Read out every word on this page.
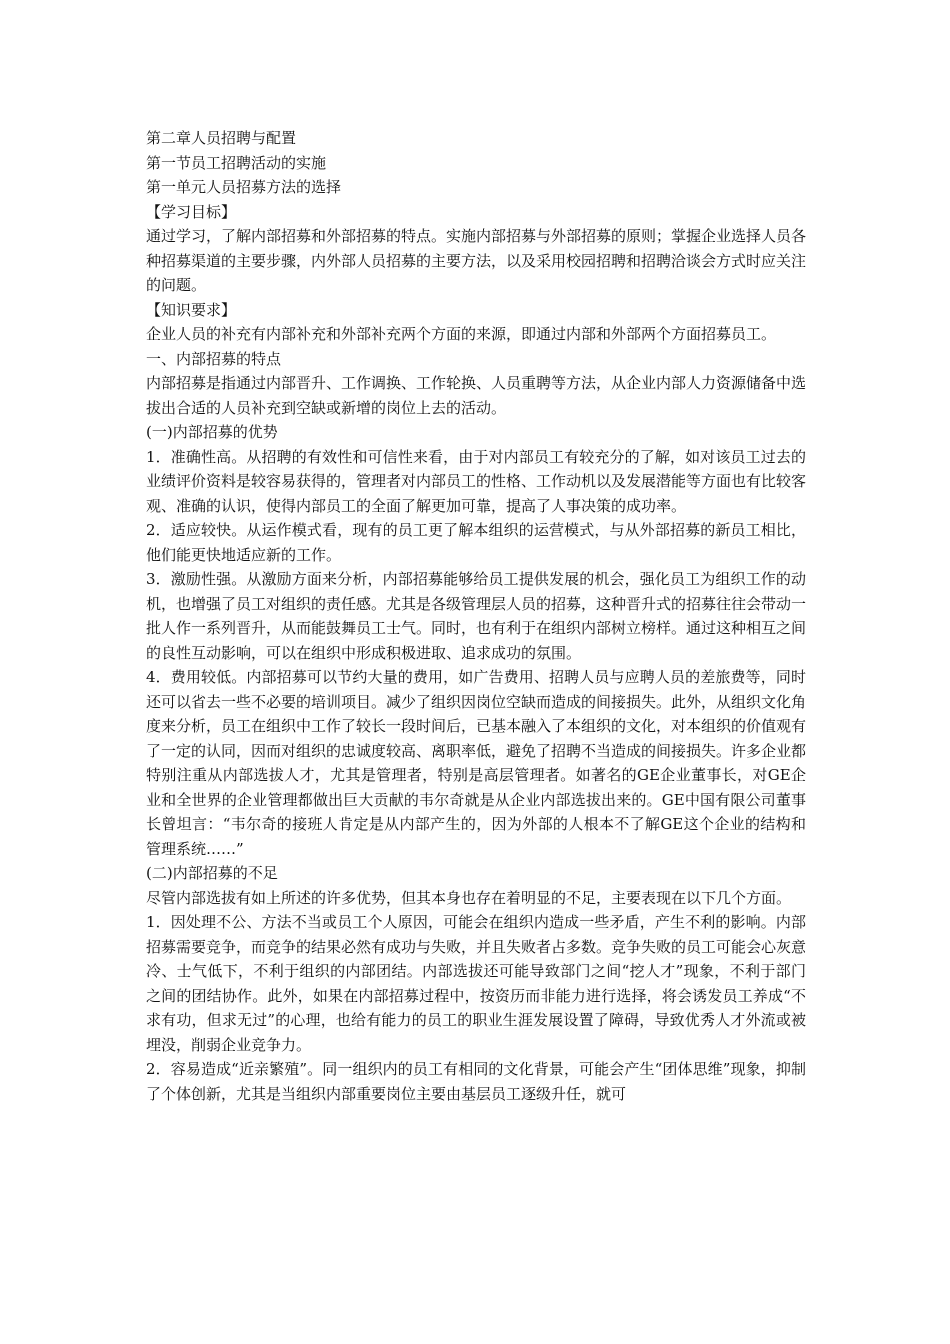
第二章人员招聘与配置

第一节员工招聘活动的实施

第一单元人员招募方法的选择

【学习目标】

通过学习，了解内部招募和外部招募的特点。实施内部招募与外部招募的原则；掌握企业选择人员各种招募渠道的主要步骤，内外部人员招募的主要方法，以及采用校园招聘和招聘洽谈会方式时应关注的问题。

【知识要求】

企业人员的补充有内部补充和外部补充两个方面的来源，即通过内部和外部两个方面招募员工。

一、内部招募的特点

内部招募是指通过内部晋升、工作调换、工作轮换、人员重聘等方法，从企业内部人力资源储备中选拔出合适的人员补充到空缺或新增的岗位上去的活动。

(一)内部招募的优势

1．准确性高。从招聘的有效性和可信性来看，由于对内部员工有较充分的了解，如对该员工过去的业绩评价资料是较容易获得的，管理者对内部员工的性格、工作动机以及发展潜能等方面也有比较客观、准确的认识，使得内部员工的全面了解更加可靠，提高了人事决策的成功率。

2．适应较快。从运作模式看，现有的员工更了解本组织的运营模式，与从外部招募的新员工相比，他们能更快地适应新的工作。

3．激励性强。从激励方面来分析，内部招募能够给员工提供发展的机会，强化员工为组织工作的动机，也增强了员工对组织的责任感。尤其是各级管理层人员的招募，这种晋升式的招募往往会带动一批人作一系列晋升，从而能鼓舞员工士气。同时，也有利于在组织内部树立榜样。通过这种相互之间的良性互动影响，可以在组织中形成积极进取、追求成功的氛围。

4．费用较低。内部招募可以节约大量的费用，如广告费用、招聘人员与应聘人员的差旅费等，同时还可以省去一些不必要的培训项目。减少了组织因岗位空缺而造成的间接损失。此外，从组织文化角度来分析，员工在组织中工作了较长一段时间后，已基本融入了本组织的文化，对本组织的价值观有了一定的认同，因而对组织的忠诚度较高、离职率低，避免了招聘不当造成的间接损失。许多企业都特别注重从内部选拔人才，尤其是管理者，特别是高层管理者。如著名的GE企业董事长，对GE企业和全世界的企业管理都做出巨大贡献的韦尔奇就是从企业内部选拔出来的。GE中国有限公司董事长曾坦言：“韦尔奇的接班人肯定是从内部产生的，因为外部的人根本不了解GE这个企业的结构和管理系统……”

(二)内部招募的不足

尽管内部选拔有如上所述的许多优势，但其本身也存在着明显的不足，主要表现在以下几个方面。

1．因处理不公、方法不当或员工个人原因，可能会在组织内造成一些矛盾，产生不利的影响。内部招募需要竞争，而竞争的结果必然有成功与失败，并且失败者占多数。竞争失败的员工可能会心灰意冷、士气低下，不利于组织的内部团结。内部选拔还可能导致部门之间“挖人才”现象，不利于部门之间的团结协作。此外，如果在内部招募过程中，按资历而非能力进行选择，将会诱发员工养成“不求有功，但求无过”的心理，也给有能力的员工的职业生涯发展设置了障碍，导致优秀人才外流或被埋没，削弱企业竞争力。

2．容易造成“近亲繁殖”。同一组织内的员工有相同的文化背景，可能会产生“团体思维”现象，抑制了个体创新，尤其是当组织内部重要岗位主要由基层员工逐级升任，就可
